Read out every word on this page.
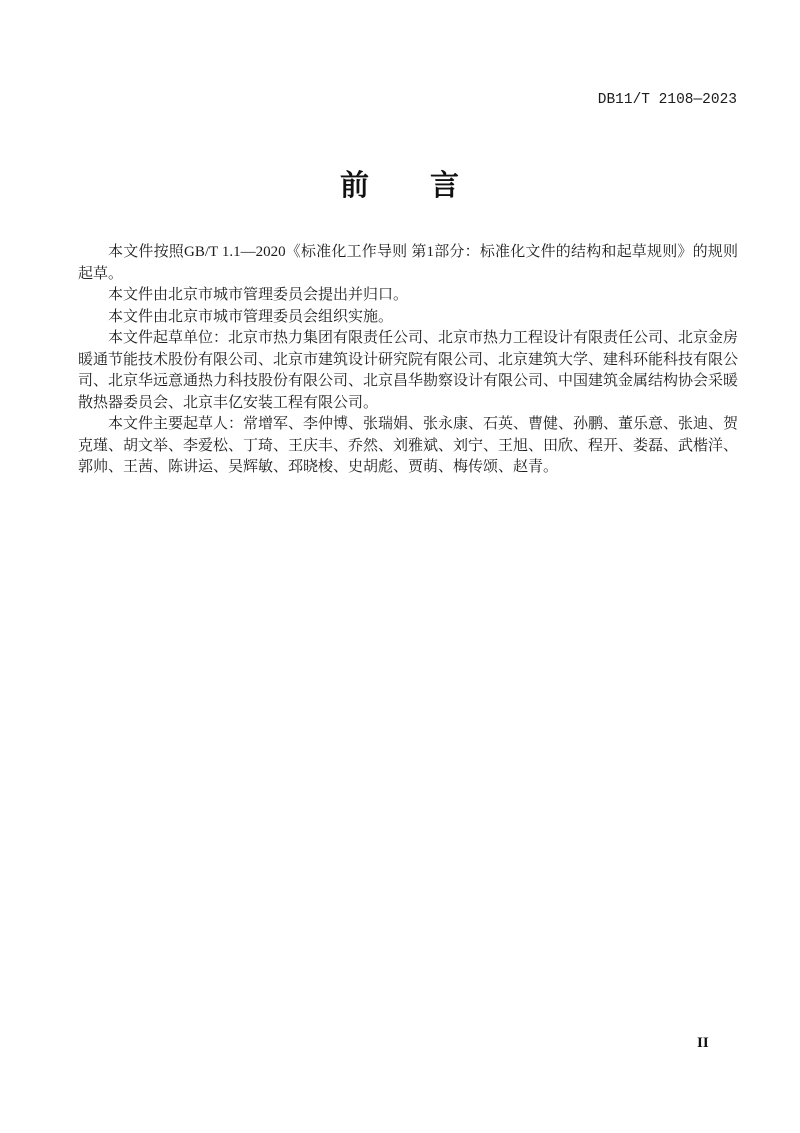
DB11/T 2108—2023
前　　言

本文件按照GB/T 1.1—2020《标准化工作导则 第1部分：标准化文件的结构和起草规则》的规则起草。

本文件由北京市城市管理委员会提出并归口。

本文件由北京市城市管理委员会组织实施。

本文件起草单位：北京市热力集团有限责任公司、北京市热力工程设计有限责任公司、北京金房暖通节能技术股份有限公司、北京市建筑设计研究院有限公司、北京建筑大学、建科环能科技有限公司、北京华远意通热力科技股份有限公司、北京昌华勘察设计有限公司、中国建筑金属结构协会采暖散热器委员会、北京丰亿安装工程有限公司。

本文件主要起草人：常增军、李仲博、张瑞娟、张永康、石英、曹健、孙鹏、董乐意、张迪、贺克瑾、胡文举、李爱松、丁琦、王庆丰、乔然、刘雅斌、刘宁、王旭、田欣、程开、娄磊、武楷洋、郭帅、王茜、陈讲运、吴辉敏、邳晓梭、史胡彪、贾萌、梅传颂、赵青。

II
